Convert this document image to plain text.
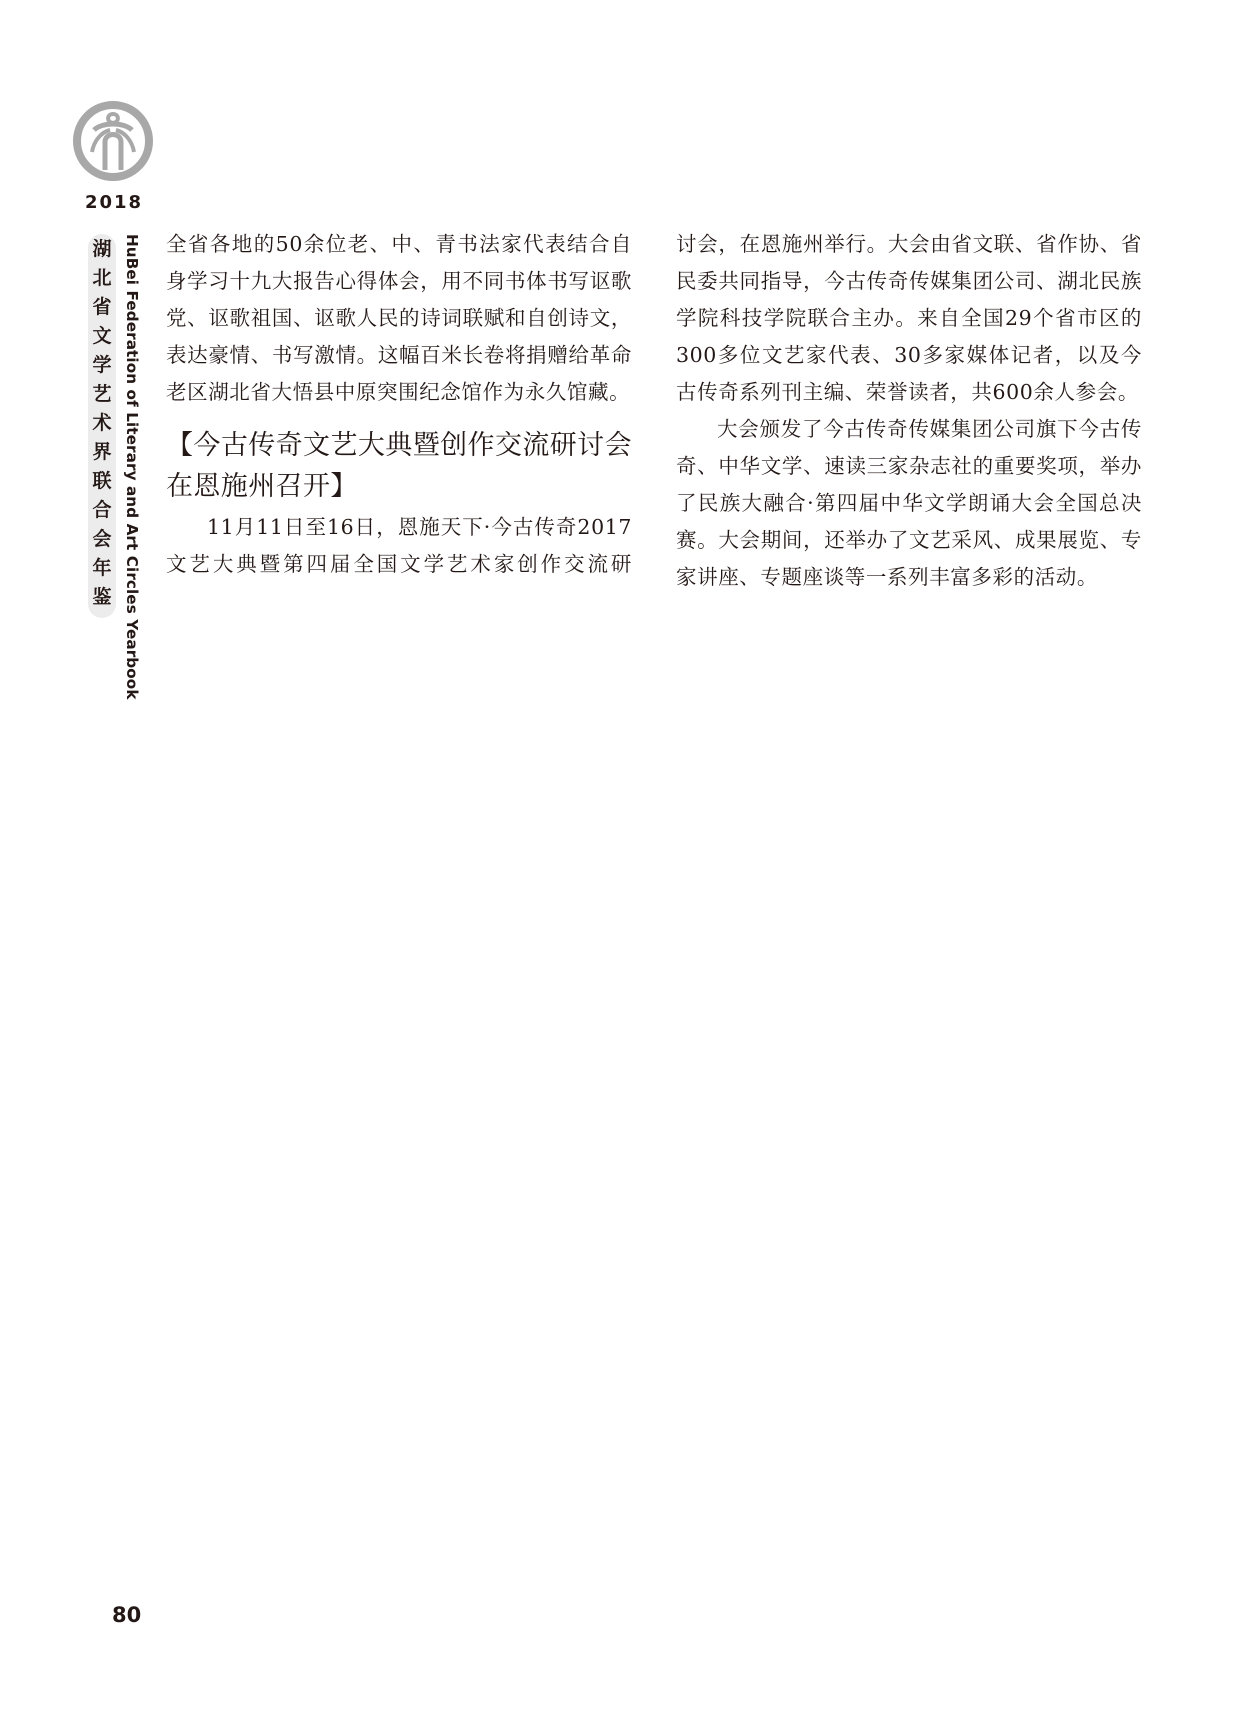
2018
湖
北
省
文
学
艺
术
界
联
合
会
年
鉴 HuBei Federation of Literary and Art Circles Yearbook 全省各地的50余位老、中、青书法家代表结合自身学习十九大报告心得体会，用不同书体书写讴歌党、讴歌祖国、讴歌人民的诗词联赋和自创诗文，表达豪情、书写激情。这幅百米长卷将捐赠给革命老区湖北省大悟县中原突围纪念馆作为永久馆藏。

【今古传奇文艺大典暨创作交流研讨会在恩施州召开】

11月11日至16日，恩施天下·今古传奇2017文艺大典暨第四届全国文学艺术家创作交流研

讨会，在恩施州举行。大会由省文联、省作协、省民委共同指导，今古传奇传媒集团公司、湖北民族学院科技学院联合主办。来自全国29个省市区的300多位文艺家代表、30多家媒体记者，以及今古传奇系列刊主编、荣誉读者，共600余人参会。

大会颁发了今古传奇传媒集团公司旗下今古传奇、中华文学、速读三家杂志社的重要奖项，举办了民族大融合·第四届中华文学朗诵大会全国总决赛。大会期间，还举办了文艺采风、成果展览、专家讲座、专题座谈等一系列丰富多彩的活动。

80
